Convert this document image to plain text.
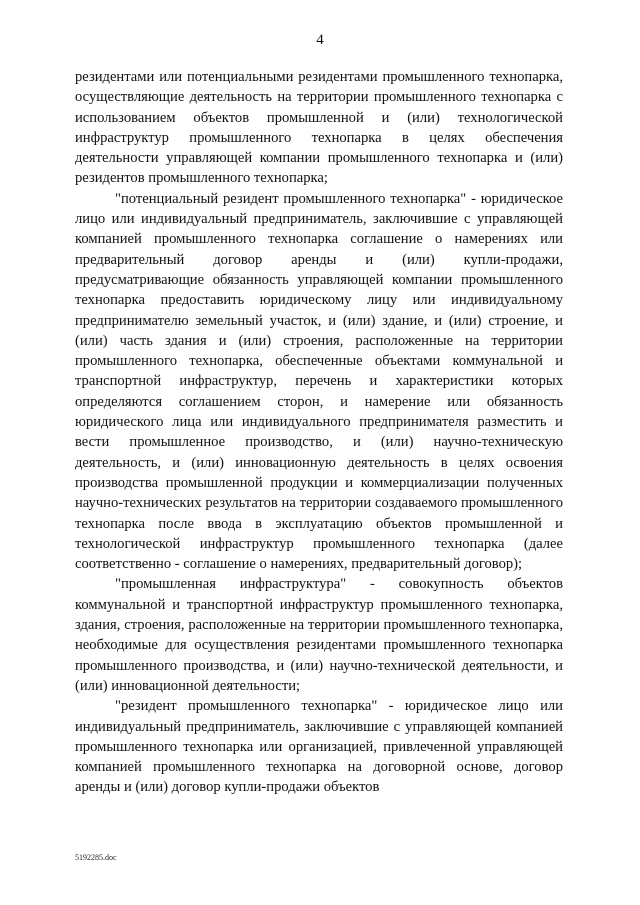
4

резидентами или потенциальными резидентами промышленного технопарка, осуществляющие деятельность на территории промышленного технопарка с использованием объектов промышленной и (или) технологической инфраструктур промышленного технопарка в целях обеспечения деятельности управляющей компании промышленного технопарка и (или) резидентов промышленного технопарка;

"потенциальный резидент промышленного технопарка" - юридическое лицо или индивидуальный предприниматель, заключившие с управляющей компанией промышленного технопарка соглашение о намерениях или предварительный договор аренды и (или) купли-продажи, предусматривающие обязанность управляющей компании промышленного технопарка предоставить юридическому лицу или индивидуальному предпринимателю земельный участок, и (или) здание, и (или) строение, и (или) часть здания и (или) строения, расположенные на территории промышленного технопарка, обеспеченные объектами коммунальной и транспортной инфраструктур, перечень и характеристики которых определяются соглашением сторон, и намерение или обязанность юридического лица или индивидуального предпринимателя разместить и вести промышленное производство, и (или) научно-техническую деятельность, и (или) инновационную деятельность в целях освоения производства промышленной продукции и коммерциализации полученных научно-технических результатов на территории создаваемого промышленного технопарка после ввода в эксплуатацию объектов промышленной и технологической инфраструктур промышленного технопарка (далее соответственно - соглашение о намерениях, предварительный договор);

"промышленная инфраструктура" - совокупность объектов коммунальной и транспортной инфраструктур промышленного технопарка, здания, строения, расположенные на территории промышленного технопарка, необходимые для осуществления резидентами промышленного технопарка промышленного производства, и (или) научно-технической деятельности, и (или) инновационной деятельности;

"резидент промышленного технопарка" - юридическое лицо или индивидуальный предприниматель, заключившие с управляющей компанией промышленного технопарка или организацией, привлеченной управляющей компанией промышленного технопарка на договорной основе, договор аренды и (или) договор купли-продажи объектов

5192285.doc
